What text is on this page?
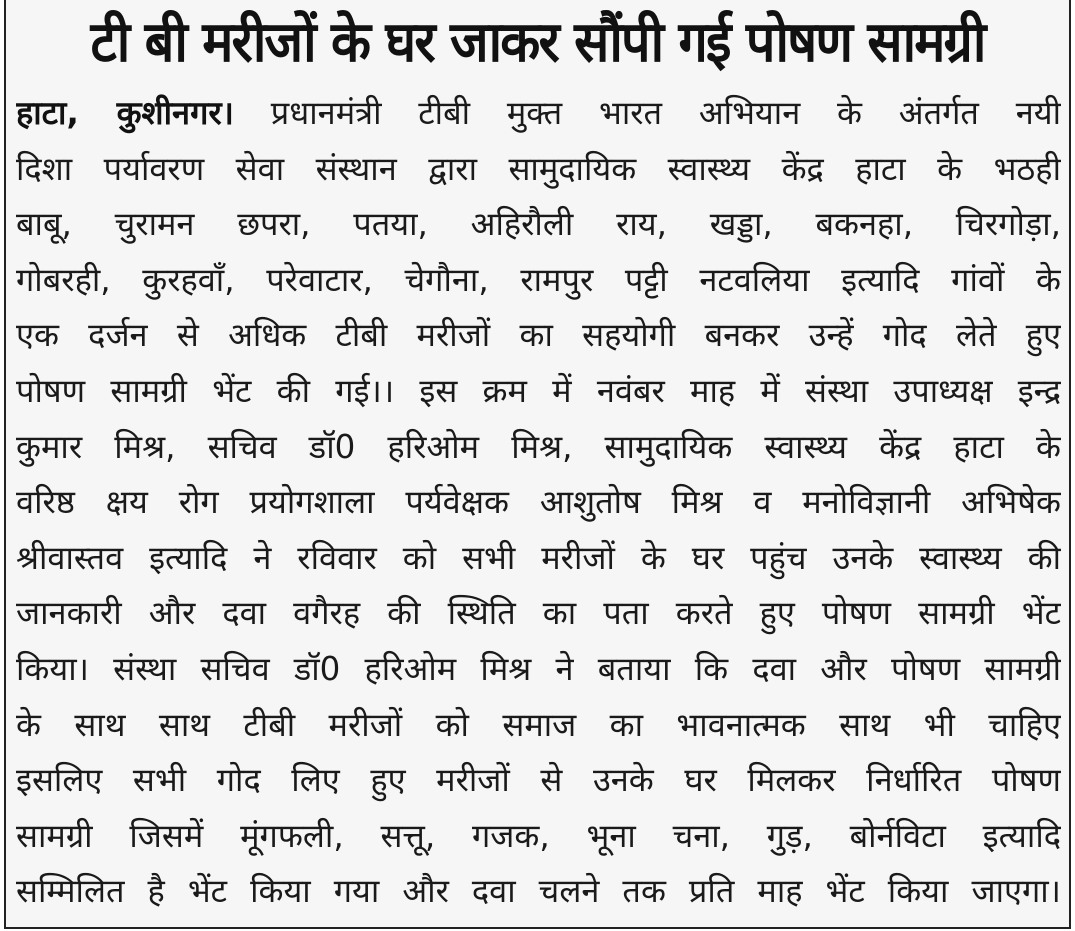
टी बी मरीजों के घर जाकर सौंपी गई पोषण सामग्री
हाटा, कुशीनगर। प्रधानमंत्री टीबी मुक्त भारत अभियान के अंतर्गत नयी
दिशा पर्यावरण सेवा संस्थान द्वारा सामुदायिक स्वास्थ्य केंद्र हाटा के भठही
बाबू, चुरामन छपरा, पतया, अहिरौली राय, खड्डा, बकनहा, चिरगोड़ा,
गोबरही, कुरहवाँ, परेवाटार, चेगौना, रामपुर पट्टी नटवलिया इत्यादि गांवों के
एक दर्जन से अधिक टीबी मरीजों का सहयोगी बनकर उन्हें गोद लेते हुए
पोषण सामग्री भेंट की गई।। इस क्रम में नवंबर माह में संस्था उपाध्यक्ष इन्द्र
कुमार मिश्र, सचिव डॉ0 हरिओम मिश्र, सामुदायिक स्वास्थ्य केंद्र हाटा के
वरिष्ठ क्षय रोग प्रयोगशाला पर्यवेक्षक आशुतोष मिश्र व मनोविज्ञानी अभिषेक
श्रीवास्तव इत्यादि ने रविवार को सभी मरीजों के घर पहुंच उनके स्वास्थ्य की
जानकारी और दवा वगैरह की स्थिति का पता करते हुए पोषण सामग्री भेंट
किया। संस्था सचिव डॉ0 हरिओम मिश्र ने बताया कि दवा और पोषण सामग्री
के साथ साथ टीबी मरीजों को समाज का भावनात्मक साथ भी चाहिए
इसलिए सभी गोद लिए हुए मरीजों से उनके घर मिलकर निर्धारित पोषण
सामग्री जिसमें मूंगफली, सत्तू, गजक, भूना चना, गुड़, बोर्नविटा इत्यादि
सम्मिलित है भेंट किया गया और दवा चलने तक प्रति माह भेंट किया जाएगा।
